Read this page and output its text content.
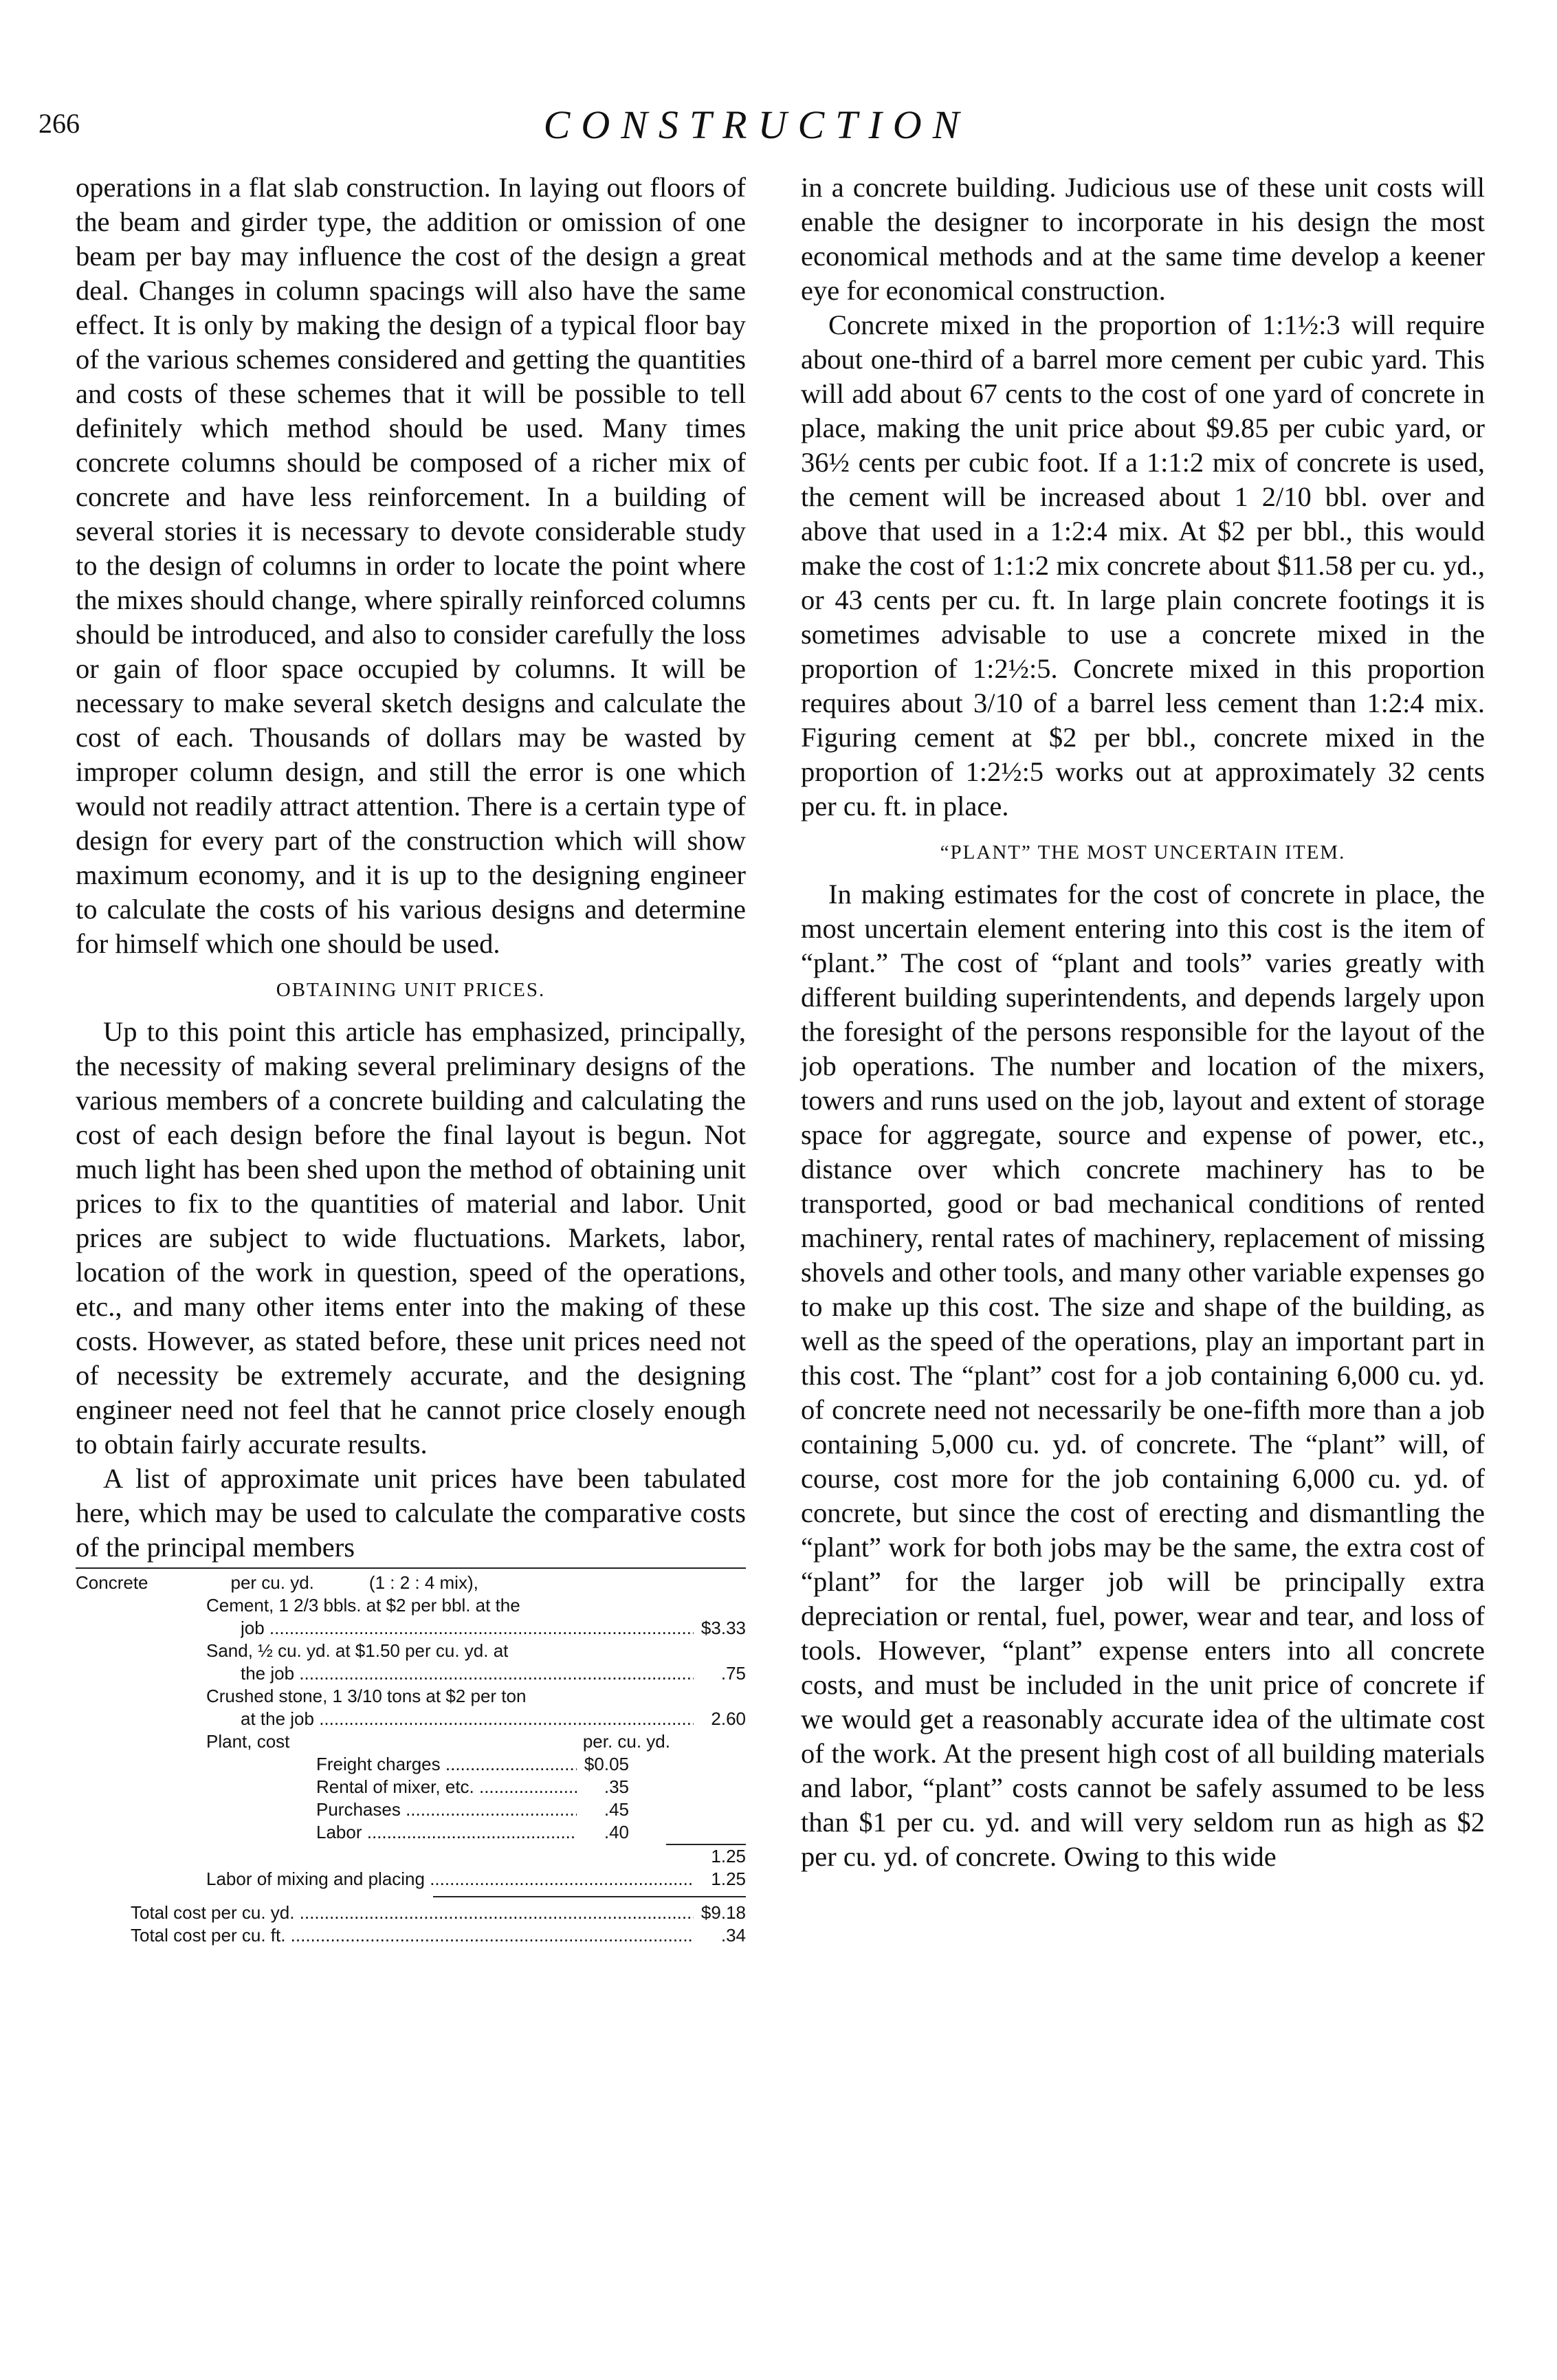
266	CONSTRUCTION

operations in a flat slab construction. In laying out floors of the beam and girder type, the addition or omission of one beam per bay may influence the cost of the design a great deal. Changes in column spacings will also have the same effect. It is only by making the design of a typical floor bay of the various schemes considered and getting the quantities and costs of these schemes that it will be possible to tell definitely which method should be used. Many times concrete columns should be composed of a richer mix of concrete and have less reinforcement. In a building of several stories it is necessary to devote considerable study to the design of columns in order to locate the point where the mixes should change, where spirally reinforced columns should be introduced, and also to consider carefully the loss or gain of floor space occupied by columns. It will be necessary to make several sketch designs and calculate the cost of each. Thousands of dollars may be wasted by improper column design, and still the error is one which would not readily attract attention. There is a certain type of design for every part of the construction which will show maximum economy, and it is up to the designing engineer to calculate the costs of his various designs and determine for himself which one should be used.

OBTAINING UNIT PRICES.

Up to this point this article has emphasized, principally, the necessity of making several preliminary designs of the various members of a concrete building and calculating the cost of each design before the final layout is begun. Not much light has been shed upon the method of obtaining unit prices to fix to the quantities of material and labor. Unit prices are subject to wide fluctuations. Markets, labor, location of the work in question, speed of the operations, etc., and many other items enter into the making of these costs. However, as stated before, these unit prices need not of necessity be extremely accurate, and the designing engineer need not feel that he cannot price closely enough to obtain fairly accurate results.

A list of approximate unit prices have been tabulated here, which may be used to calculate the comparative costs of the principal members

Concrete	per cu. yd.	(1 : 2 : 4 mix),
Cement, 1 2/3 bbls. at $2 per bbl. at the
job .....	$3.33
Sand, ½ cu. yd. at $1.50 per cu. yd. at
the job .....	.75
Crushed stone, 1 3/10 tons at $2 per ton
at the job .....	2.60
Plant, cost	per. cu. yd.
Freight charges .....	$0.05
Rental of mixer, etc. .....	.35
Purchases .....	.45
Labor .....	.40
1.25
Labor of mixing and placing .....	1.25
Total cost per cu. yd. .....	$9.18
Total cost per cu. ft. .....	.34

in a concrete building. Judicious use of these unit costs will enable the designer to incorporate in his design the most economical methods and at the same time develop a keener eye for economical construction.

Concrete mixed in the proportion of 1:1½:3 will require about one-third of a barrel more cement per cubic yard. This will add about 67 cents to the cost of one yard of concrete in place, making the unit price about $9.85 per cubic yard, or 36½ cents per cubic foot. If a 1:1:2 mix of concrete is used, the cement will be increased about 1 2/10 bbl. over and above that used in a 1:2:4 mix. At $2 per bbl., this would make the cost of 1:1:2 mix concrete about $11.58 per cu. yd., or 43 cents per cu. ft. In large plain concrete footings it is sometimes advisable to use a concrete mixed in the proportion of 1:2½:5. Concrete mixed in this proportion requires about 3/10 of a barrel less cement than 1:2:4 mix. Figuring cement at $2 per bbl., concrete mixed in the proportion of 1:2½:5 works out at approximately 32 cents per cu. ft. in place.

“PLANT” THE MOST UNCERTAIN ITEM.

In making estimates for the cost of concrete in place, the most uncertain element entering into this cost is the item of “plant.” The cost of “plant and tools” varies greatly with different building superintendents, and depends largely upon the foresight of the persons responsible for the layout of the job operations. The number and location of the mixers, towers and runs used on the job, layout and extent of storage space for aggregate, source and expense of power, etc., distance over which concrete machinery has to be transported, good or bad mechanical conditions of rented machinery, rental rates of machinery, replacement of missing shovels and other tools, and many other variable expenses go to make up this cost. The size and shape of the building, as well as the speed of the operations, play an important part in this cost. The “plant” cost for a job containing 6,000 cu. yd. of concrete need not necessarily be one-fifth more than a job containing 5,000 cu. yd. of concrete. The “plant” will, of course, cost more for the job containing 6,000 cu. yd. of concrete, but since the cost of erecting and dismantling the “plant” work for both jobs may be the same, the extra cost of “plant” for the larger job will be principally extra depreciation or rental, fuel, power, wear and tear, and loss of tools. However, “plant” expense enters into all concrete costs, and must be included in the unit price of concrete if we would get a reasonably accurate idea of the ultimate cost of the work. At the present high cost of all building materials and labor, “plant” costs cannot be safely assumed to be less than $1 per cu. yd. and will very seldom run as high as $2 per cu. yd. of concrete. Owing to this wide
